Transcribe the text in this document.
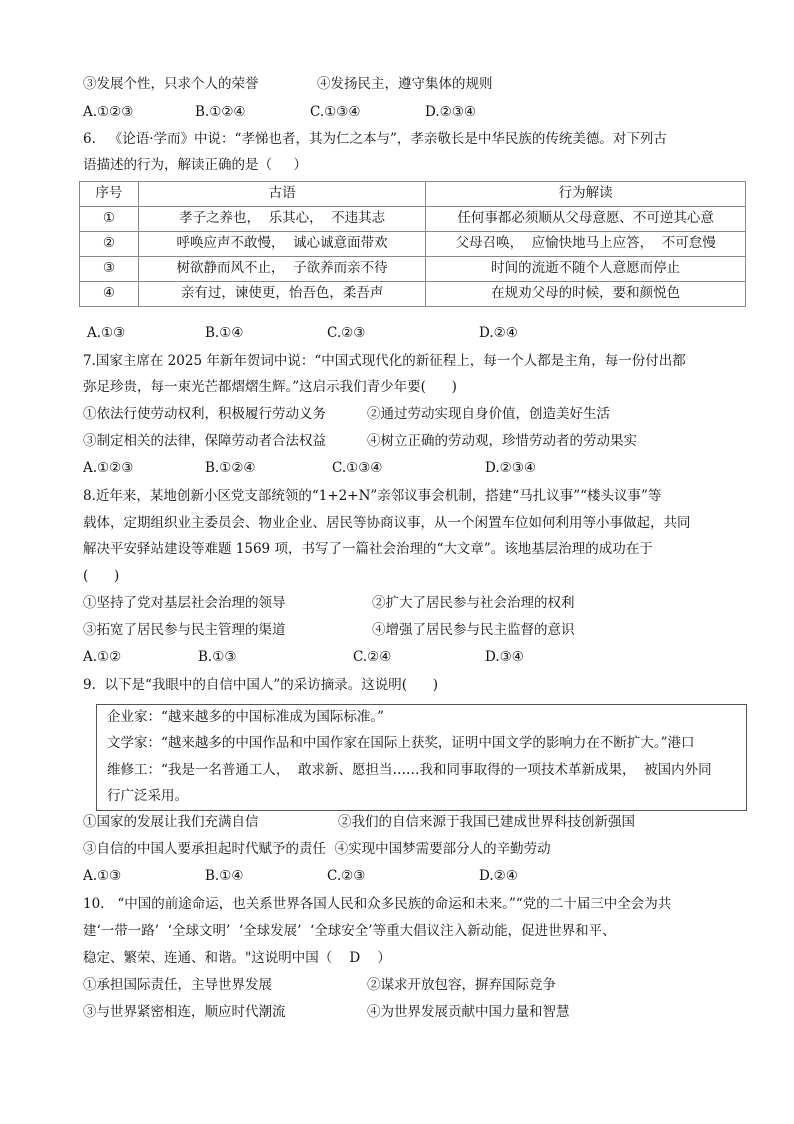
③发展个性，只求个人的荣誉	④发扬民主，遵守集体的规则
A.①②③	B.①②④	C.①③④	D.②③④
6.   《论语·学而》中说：“孝悌也者，其为仁之本与”，孝亲敬长是中华民族的传统美德。对下列古
语描述的行为，解读正确的是（     ）
序号	古语	行为解读
①	孝子之养也，  乐其心，  不违其志	任何事都必须顺从父母意愿、不可逆其心意
②	呼唤应声不敢慢，  诚心诚意面带欢	父母召唤，  应愉快地马上应答，  不可怠慢
③	树欲静而风不止，  子欲养而亲不待	时间的流逝不随个人意愿而停止
④	亲有过，谏使更，怡吾色，柔吾声	在规劝父母的时候，要和颜悦色
A.①③	B.①④	C.②③	D.②④
7.国家主席在 2025 年新年贺词中说：“中国式现代化的新征程上，每一个人都是主角，每一份付出都
弥足珍贵，每一束光芒都熠熠生辉。”这启示我们青少年要(      )
①依法行使劳动权利，积极履行劳动义务	②通过劳动实现自身价值，创造美好生活
③制定相关的法律，保障劳动者合法权益	④树立正确的劳动观，珍惜劳动者的劳动果实
A.①②③	B.①②④	C.①③④	D.②③④
8.近年来，某地创新小区党支部统领的“1+2+N”亲邻议事会机制，搭建“马扎议事”“楼头议事”等
载体，定期组织业主委员会、物业企业、居民等协商议事，从一个闲置车位如何利用等小事做起，共同
解决平安驿站建设等难题 1569 项，书写了一篇社会治理的“大文章”。该地基层治理的成功在于
(      )
①坚持了党对基层社会治理的领导	②扩大了居民参与社会治理的权利
③拓宽了居民参与民主管理的渠道	④增强了居民参与民主监督的意识
A.①②	B.①③	C.②④	D.③④
9.  以下是“我眼中的自信中国人”的采访摘录。这说明(      )
企业家：“越来越多的中国标准成为国际标准。”
文学家：“越来越多的中国作品和中国作家在国际上获奖，证明中国文学的影响力在不断扩大。”港口
维修工：“我是一名普通工人，  敢求新、愿担当……我和同事取得的一项技术革新成果，  被国内外同
行广泛采用。
①国家的发展让我们充满自信	②我们的自信来源于我国已建成世界科技创新强国
③自信的中国人要承担起时代赋予的责任  ④实现中国梦需要部分人的辛勤劳动
A.①③	B.①④	C.②③	D.②④
10.   “中国的前途命运，也关系世界各国人民和众多民族的命运和未来。”“党的二十届三中全会为共
建‘一带一路’  ‘全球文明’  ‘全球发展’  ‘全球安全’等重大倡议注入新动能，促进世界和平、
稳定、繁荣、连通、和谐。"这说明中国（    D    ）
①承担国际责任，主导世界发展	②谋求开放包容，摒弃国际竞争
③与世界紧密相连，顺应时代潮流	④为世界发展贡献中国力量和智慧
